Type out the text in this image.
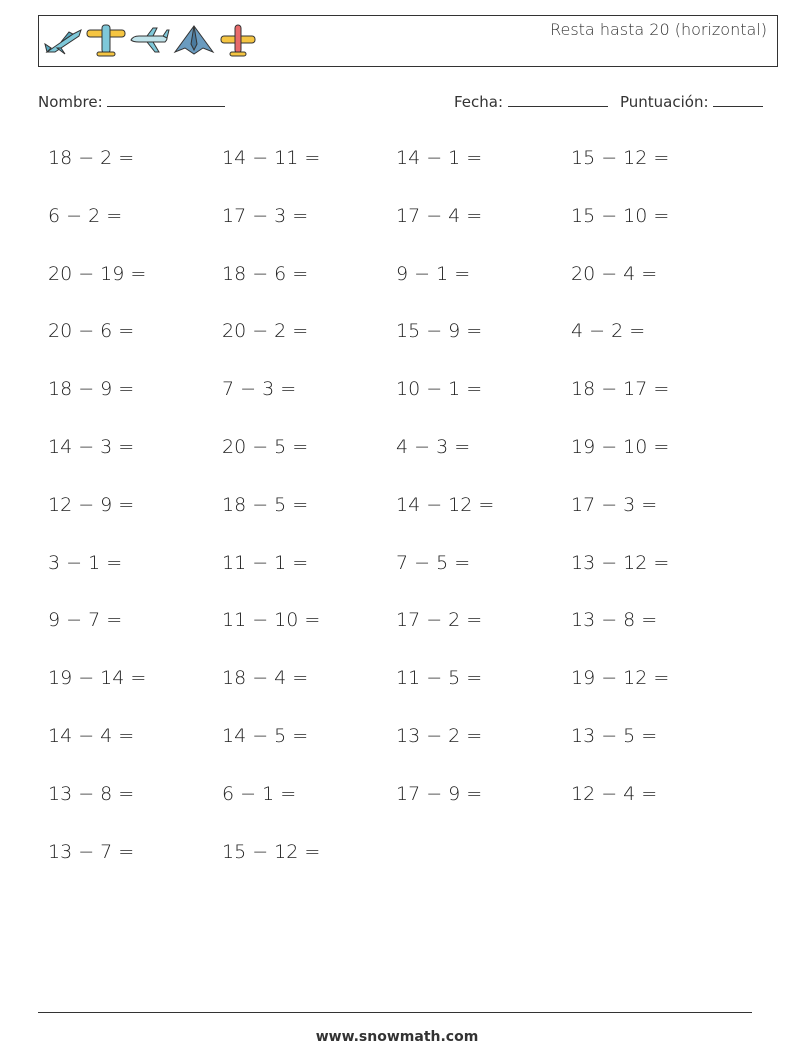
Resta hasta 20 (horizontal)
Nombre:	Fecha:	Puntuación:
18 − 2 =	14 − 11 =	14 − 1 =	15 − 12 =
6 − 2 =	17 − 3 =	17 − 4 =	15 − 10 =
20 − 19 =	18 − 6 =	9 − 1 =	20 − 4 =
20 − 6 =	20 − 2 =	15 − 9 =	4 − 2 =
18 − 9 =	7 − 3 =	10 − 1 =	18 − 17 =
14 − 3 =	20 − 5 =	4 − 3 =	19 − 10 =
12 − 9 =	18 − 5 =	14 − 12 =	17 − 3 =
3 − 1 =	11 − 1 =	7 − 5 =	13 − 12 =
9 − 7 =	11 − 10 =	17 − 2 =	13 − 8 =
19 − 14 =	18 − 4 =	11 − 5 =	19 − 12 =
14 − 4 =	14 − 5 =	13 − 2 =	13 − 5 =
13 − 8 =	6 − 1 =	17 − 9 =	12 − 4 =
13 − 7 =	15 − 12 =
www.snowmath.com
